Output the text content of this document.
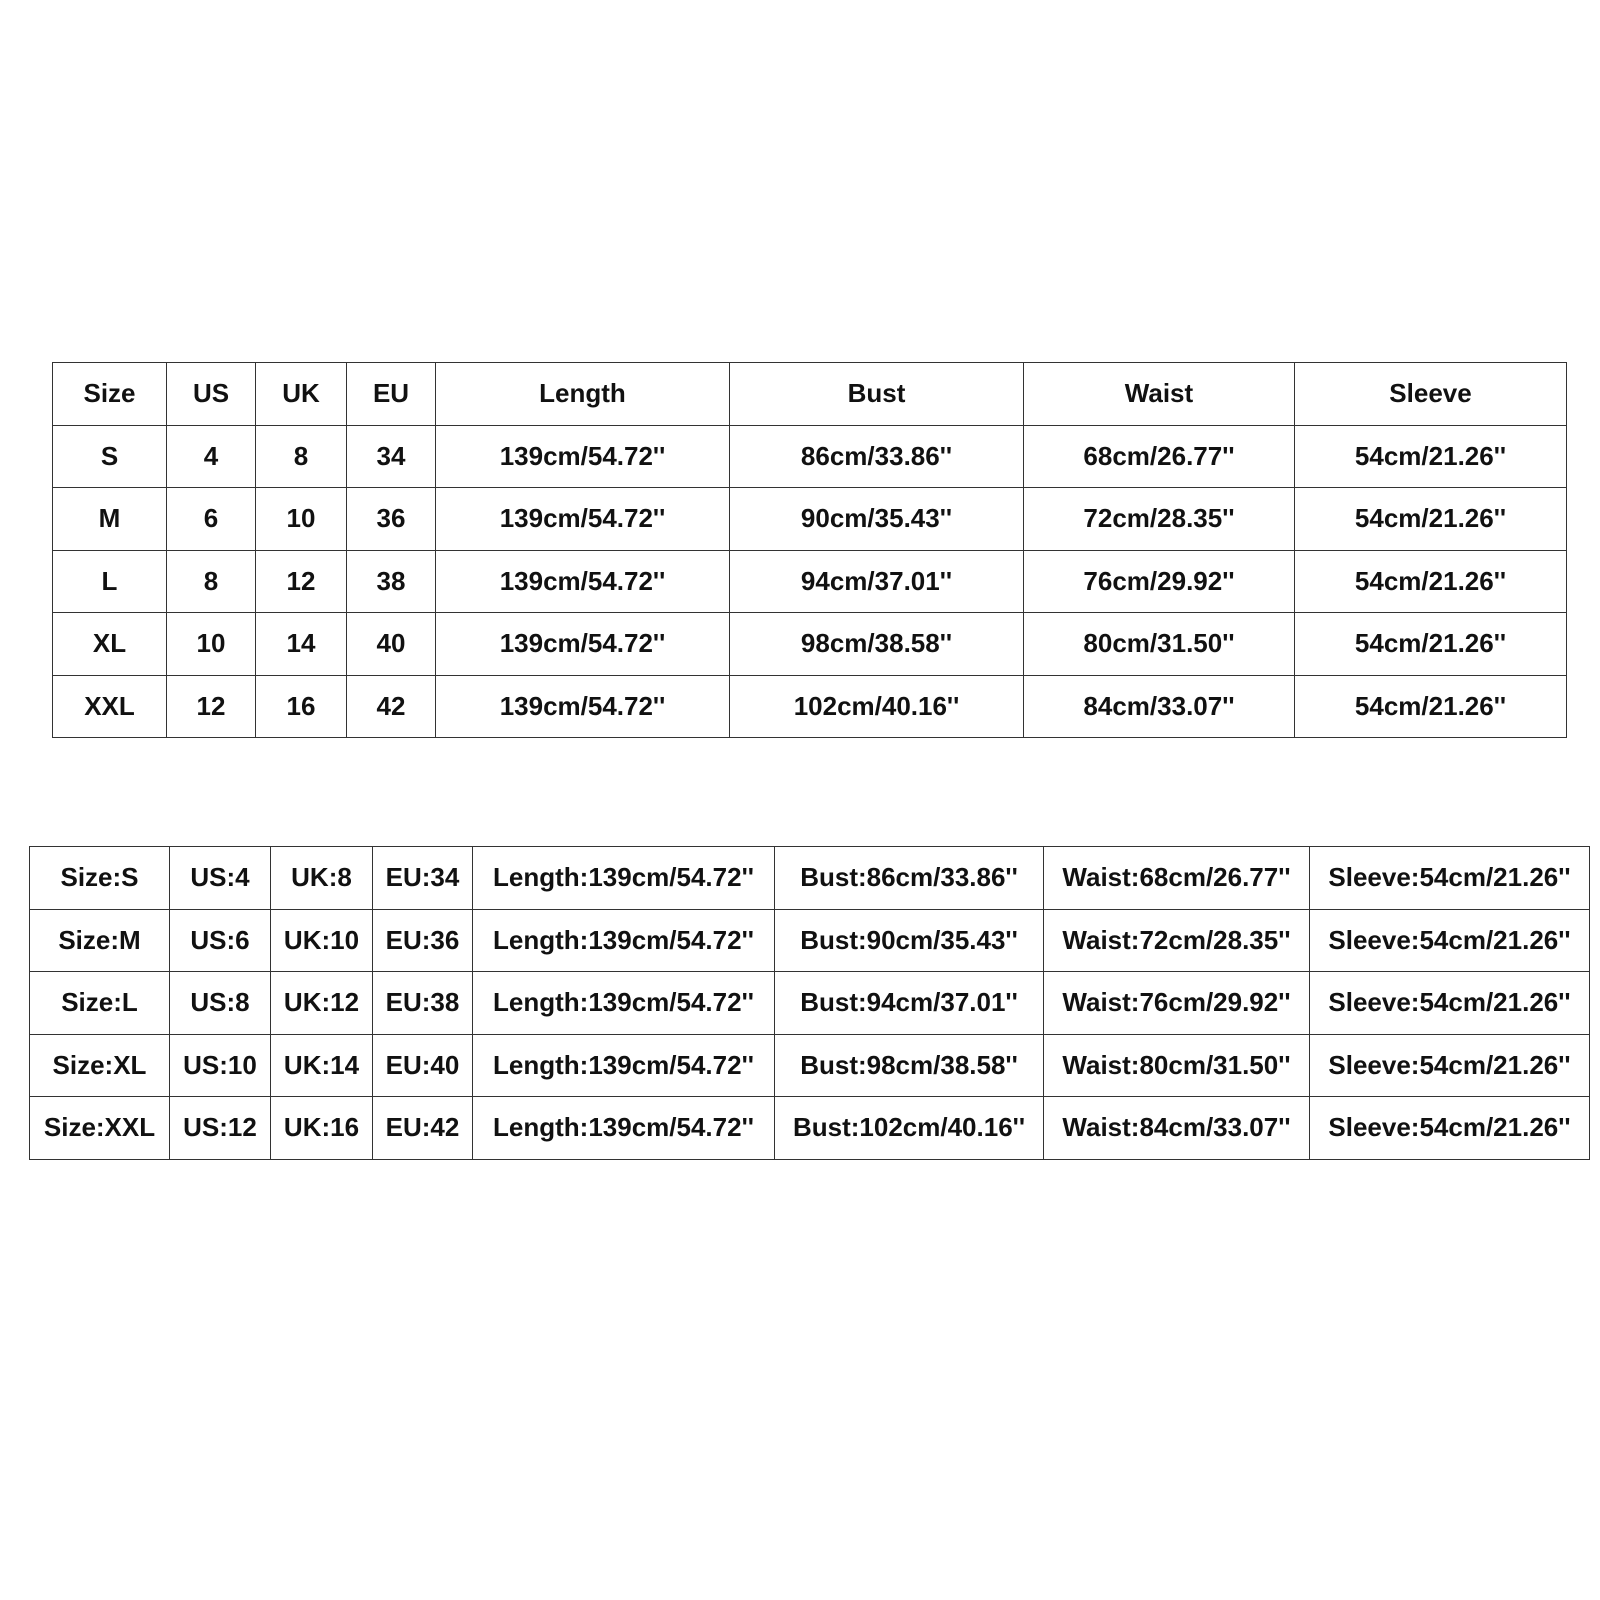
Size	US	UK	EU	Length	Bust	Waist	Sleeve
S	4	8	34	139cm/54.72''	86cm/33.86''	68cm/26.77''	54cm/21.26''
M	6	10	36	139cm/54.72''	90cm/35.43''	72cm/28.35''	54cm/21.26''
L	8	12	38	139cm/54.72''	94cm/37.01''	76cm/29.92''	54cm/21.26''
XL	10	14	40	139cm/54.72''	98cm/38.58''	80cm/31.50''	54cm/21.26''
XXL	12	16	42	139cm/54.72''	102cm/40.16''	84cm/33.07''	54cm/21.26''
Size:S	US:4	UK:8	EU:34	Length:139cm/54.72''	Bust:86cm/33.86''	Waist:68cm/26.77''	Sleeve:54cm/21.26''
Size:M	US:6	UK:10	EU:36	Length:139cm/54.72''	Bust:90cm/35.43''	Waist:72cm/28.35''	Sleeve:54cm/21.26''
Size:L	US:8	UK:12	EU:38	Length:139cm/54.72''	Bust:94cm/37.01''	Waist:76cm/29.92''	Sleeve:54cm/21.26''
Size:XL	US:10	UK:14	EU:40	Length:139cm/54.72''	Bust:98cm/38.58''	Waist:80cm/31.50''	Sleeve:54cm/21.26''
Size:XXL	US:12	UK:16	EU:42	Length:139cm/54.72''	Bust:102cm/40.16''	Waist:84cm/33.07''	Sleeve:54cm/21.26''
